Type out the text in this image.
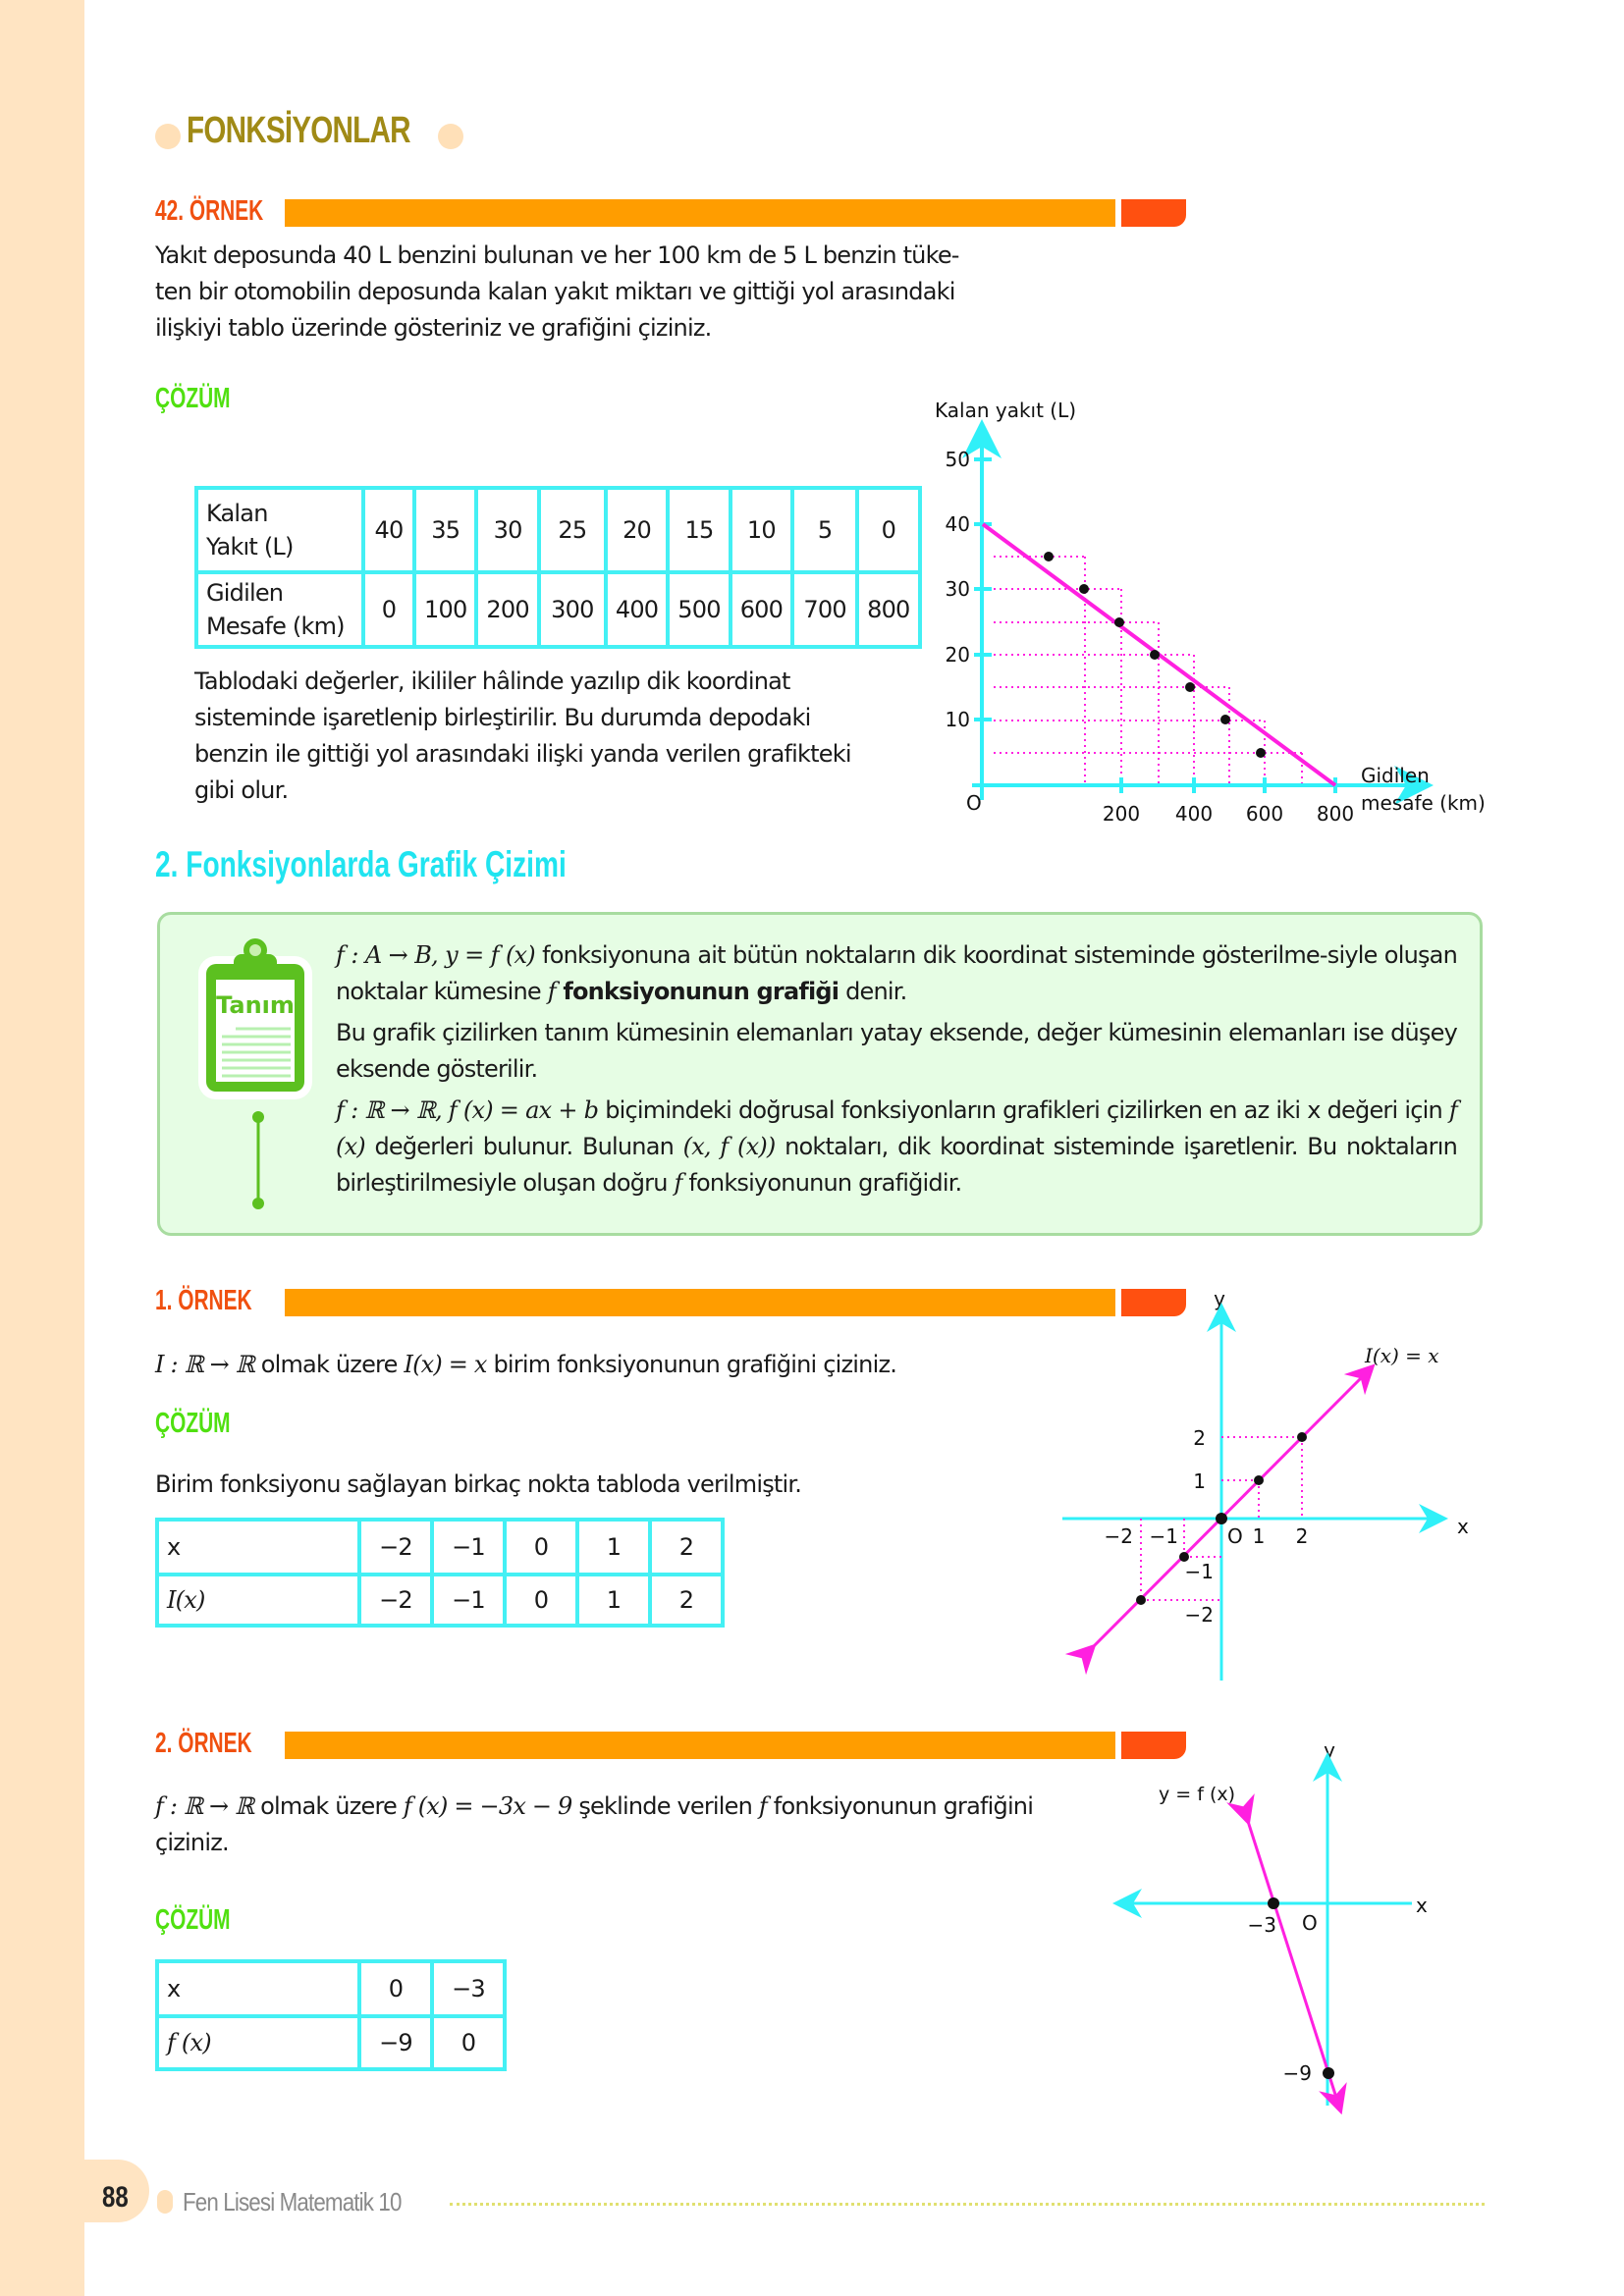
FONKSİYONLAR
42. ÖRNEK
Yakıt deposunda 40 L benzini bulunan ve her 100 km de 5 L benzin tüke-
ten bir otomobilin deposunda kalan yakıt miktarı ve gittiği yol arasındaki
ilişkiyi tablo üzerinde gösteriniz ve grafiğini çiziniz.
ÇÖZÜM
Kalan
Yakıt (L)	40	35	30	25	20	15	10	5	0

Gidilen
Mesafe (km)	0	100	200	300	400	500	600	700	800
Tablodaki değerler, ikililer hâlinde yazılıp dik koordinat
sisteminde işaretlenip birleştirilir. Bu durumda depodaki
benzin ile gittiği yol arasındaki ilişki yanda verilen grafikteki
gibi olur.
Kalan yakıt (L)
50
40
30
20
10
200 400 600 800
O
Gidilen
mesafe (km)
2. Fonksiyonlarda Grafik Çizimi
Tanım
f : A → B, y = f (x) fonksiyonuna ait bütün noktaların dik koordinat sisteminde gösterilme-siyle oluşan noktalar kümesine f fonksiyonunun grafiği denir.
Bu grafik çizilirken tanım kümesinin elemanları yatay eksende, değer kümesinin elemanları ise düşey eksende gösterilir.
f : ℝ → ℝ, f (x) = ax + b biçimindeki doğrusal fonksiyonların grafikleri çizilirken en az iki x değeri için f (x) değerleri bulunur. Bulunan (x, f (x)) noktaları, dik koordinat sisteminde işaretlenir. Bu noktaların birleştirilmesiyle oluşan doğru f fonksiyonunun grafiğidir.
1. ÖRNEK
I : ℝ → ℝ olmak üzere I(x) = x birim fonksiyonunun grafiğini çiziniz.
ÇÖZÜM
Birim fonksiyonu sağlayan birkaç nokta tabloda verilmiştir.
x	−2	−1	0	1	2
I(x)	−2	−1	0	1	2
y
x
I(x) = x
2
1
−1
−2
−2 −1	1 2
O
2. ÖRNEK
f : ℝ → ℝ olmak üzere f (x) = −3x − 9 şeklinde verilen f fonksiyonunun grafiğini çiziniz.
ÇÖZÜM
x	0	−3
f (x)	−9	0
y
x
y = f (x)
−3 O
−9
88 Fen Lisesi Matematik 10
